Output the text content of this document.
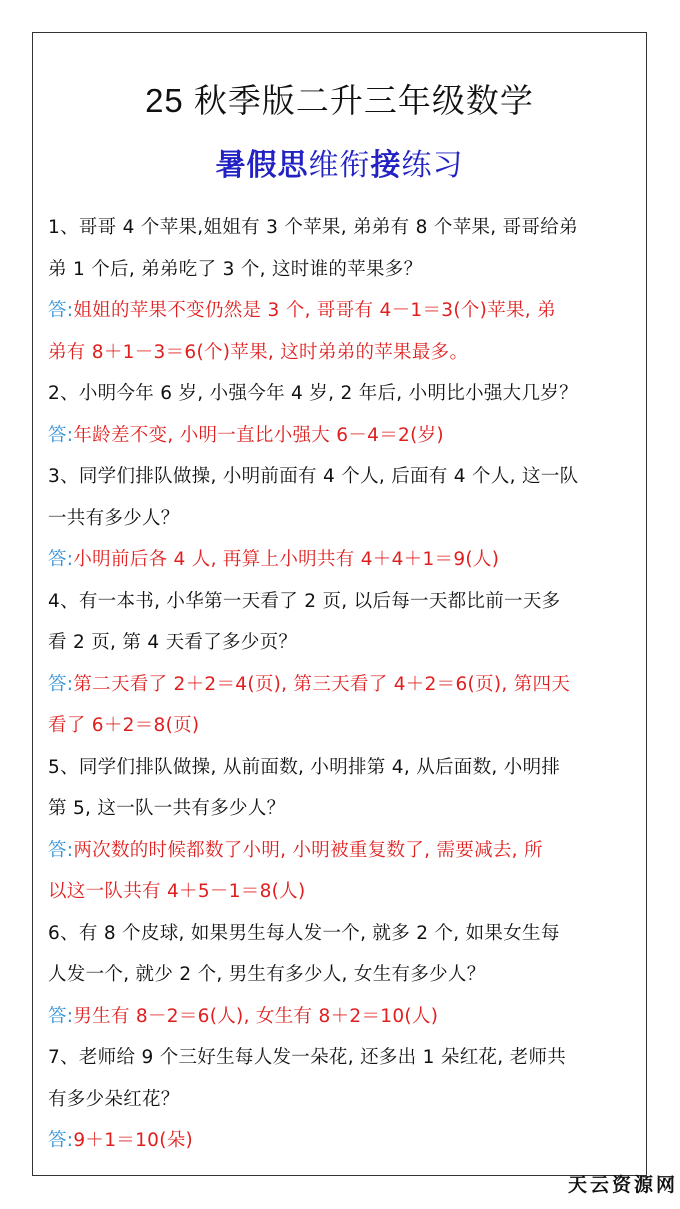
25 秋季版二升三年级数学
暑假思维衔接练习
1、哥哥 4 个苹果,姐姐有 3 个苹果, 弟弟有 8 个苹果, 哥哥给弟
弟 1 个后, 弟弟吃了 3 个, 这时谁的苹果多？
答:姐姐的苹果不变仍然是 3 个, 哥哥有 4－1＝3(个)苹果, 弟
弟有 8＋1－3＝6(个)苹果, 这时弟弟的苹果最多。
2、小明今年 6 岁, 小强今年 4 岁, 2 年后, 小明比小强大几岁？
答:年龄差不变, 小明一直比小强大 6－4＝2(岁)
3、同学们排队做操, 小明前面有 4 个人, 后面有 4 个人, 这一队
一共有多少人？
答:小明前后各 4 人, 再算上小明共有 4＋4＋1＝9(人)
4、有一本书, 小华第一天看了 2 页, 以后每一天都比前一天多
看 2 页, 第 4 天看了多少页？
答:第二天看了 2＋2＝4(页), 第三天看了 4＋2＝6(页), 第四天
看了 6＋2＝8(页)
5、同学们排队做操, 从前面数, 小明排第 4, 从后面数, 小明排
第 5, 这一队一共有多少人？
答:两次数的时候都数了小明, 小明被重复数了, 需要减去, 所
以这一队共有 4＋5－1＝8(人)
6、有 8 个皮球, 如果男生每人发一个, 就多 2 个, 如果女生每
人发一个, 就少 2 个, 男生有多少人, 女生有多少人？
答:男生有 8－2＝6(人), 女生有 8＋2＝10(人)
7、老师给 9 个三好生每人发一朵花, 还多出 1 朵红花, 老师共
有多少朵红花？
答:9＋1＝10(朵)
天云资源网
